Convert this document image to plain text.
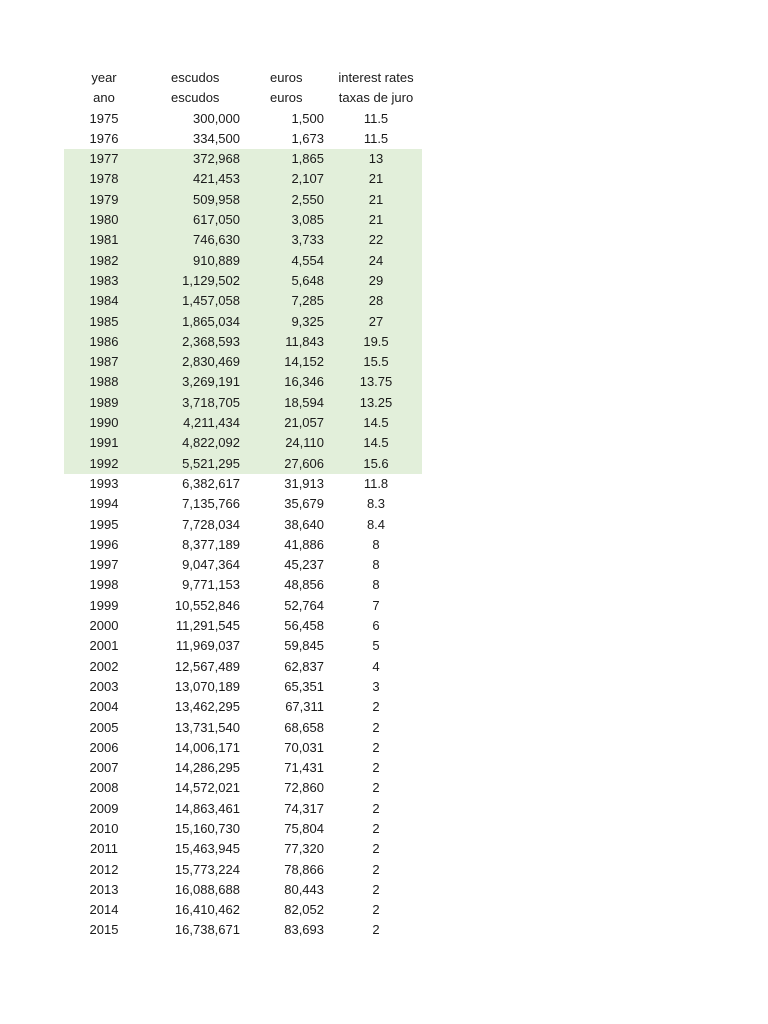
year	escudos	euros	interest rates
ano	escudos	euros	taxas de juro
1975	300,000	1,500	11.5
1976	334,500	1,673	11.5
1977	372,968	1,865	13
1978	421,453	2,107	21
1979	509,958	2,550	21
1980	617,050	3,085	21
1981	746,630	3,733	22
1982	910,889	4,554	24
1983	1,129,502	5,648	29
1984	1,457,058	7,285	28
1985	1,865,034	9,325	27
1986	2,368,593	11,843	19.5
1987	2,830,469	14,152	15.5
1988	3,269,191	16,346	13.75
1989	3,718,705	18,594	13.25
1990	4,211,434	21,057	14.5
1991	4,822,092	24,110	14.5
1992	5,521,295	27,606	15.6
1993	6,382,617	31,913	11.8
1994	7,135,766	35,679	8.3
1995	7,728,034	38,640	8.4
1996	8,377,189	41,886	8
1997	9,047,364	45,237	8
1998	9,771,153	48,856	8
1999	10,552,846	52,764	7
2000	11,291,545	56,458	6
2001	11,969,037	59,845	5
2002	12,567,489	62,837	4
2003	13,070,189	65,351	3
2004	13,462,295	67,311	2
2005	13,731,540	68,658	2
2006	14,006,171	70,031	2
2007	14,286,295	71,431	2
2008	14,572,021	72,860	2
2009	14,863,461	74,317	2
2010	15,160,730	75,804	2
2011	15,463,945	77,320	2
2012	15,773,224	78,866	2
2013	16,088,688	80,443	2
2014	16,410,462	82,052	2
2015	16,738,671	83,693	2
